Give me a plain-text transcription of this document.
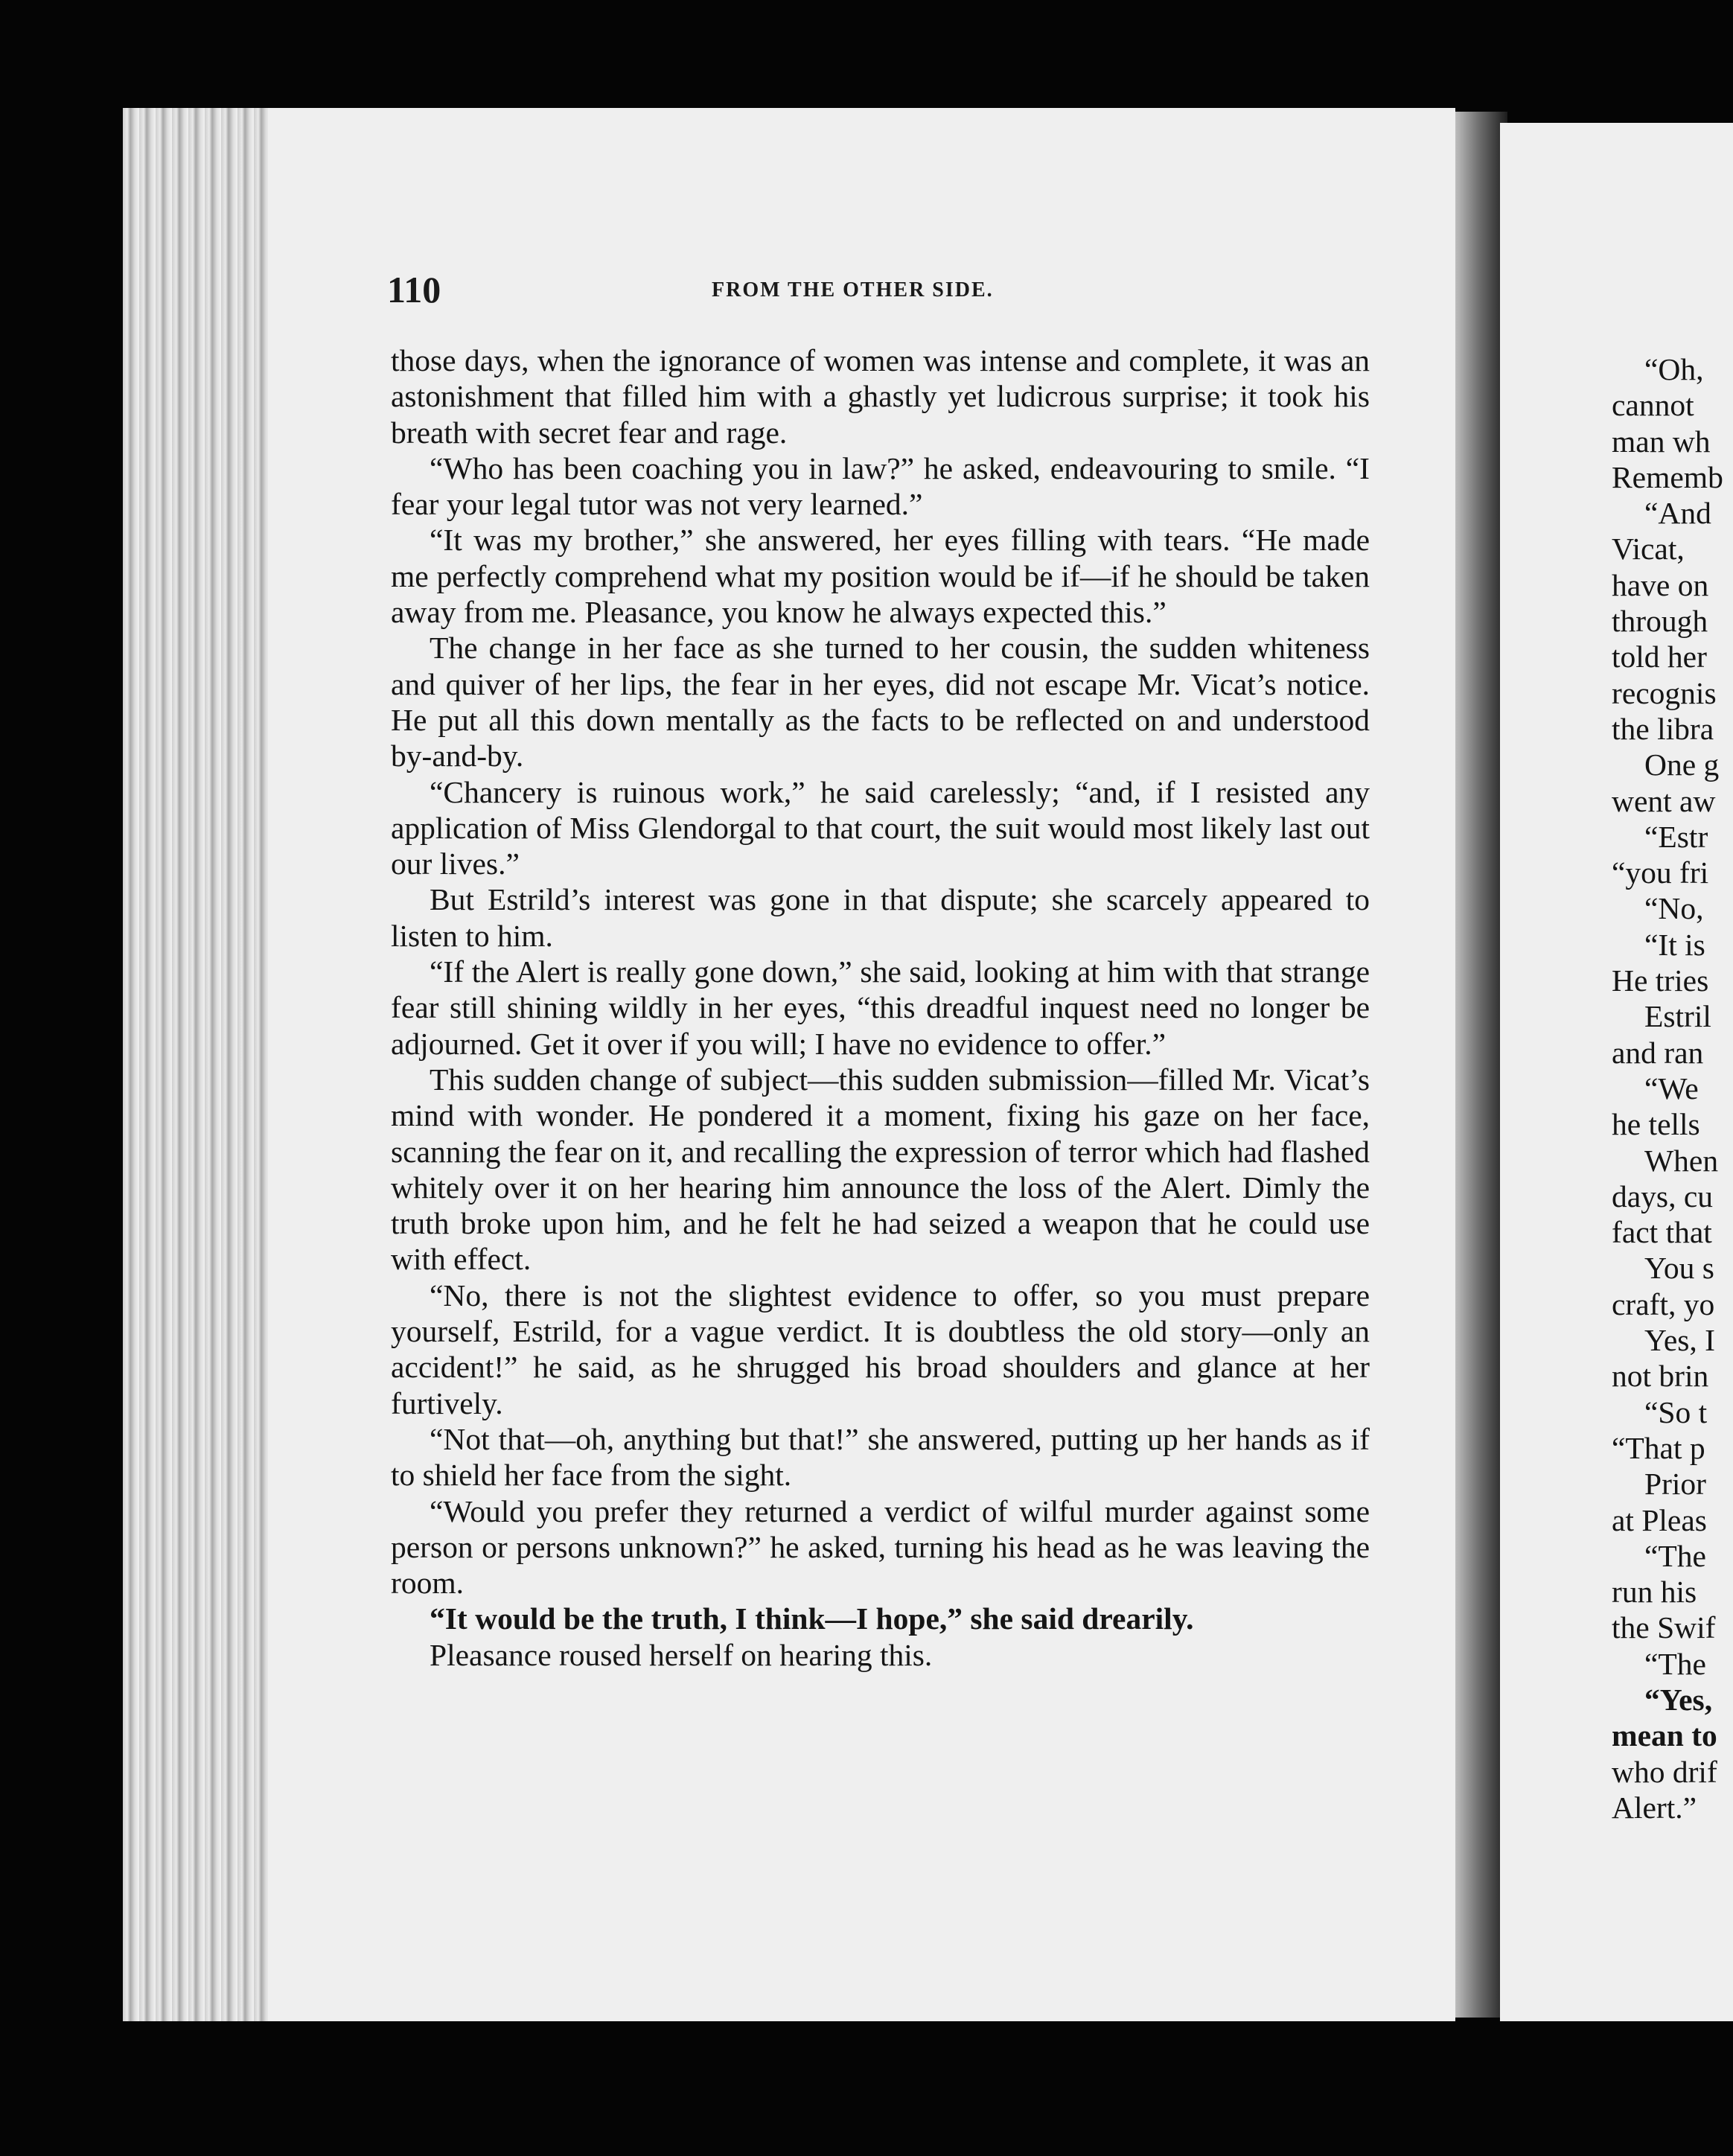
110	FROM THE OTHER SIDE.

those days, when the ignorance of women was intense and complete, it was an astonishment that filled him with a ghastly yet ludicrous surprise; it took his breath with secret fear and rage.

“Who has been coaching you in law?” he asked, endeavouring to smile. “I fear your legal tutor was not very learned.”

“It was my brother,” she answered, her eyes filling with tears. “He made me perfectly comprehend what my position would be if—if he should be taken away from me. Pleasance, you know he always expected this.”

The change in her face as she turned to her cousin, the sudden whiteness and quiver of her lips, the fear in her eyes, did not escape Mr. Vicat’s notice. He put all this down mentally as the facts to be reflected on and understood by-and-by.

“Chancery is ruinous work,” he said carelessly; “and, if I resisted any application of Miss Glendorgal to that court, the suit would most likely last out our lives.”

But Estrild’s interest was gone in that dispute; she scarcely appeared to listen to him.

“If the Alert is really gone down,” she said, looking at him with that strange fear still shining wildly in her eyes, “this dreadful inquest need no longer be adjourned. Get it over if you will; I have no evidence to offer.”

This sudden change of subject—this sudden submission—filled Mr. Vicat’s mind with wonder. He pondered it a moment, fixing his gaze on her face, scanning the fear on it, and recalling the expression of terror which had flashed whitely over it on her hearing him announce the loss of the Alert. Dimly the truth broke upon him, and he felt he had seized a weapon that he could use with effect.

“No, there is not the slightest evidence to offer, so you must prepare yourself, Estrild, for a vague verdict. It is doubtless the old story—only an accident!” he said, as he shrugged his broad shoulders and glance at her furtively.

“Not that—oh, anything but that!” she answered, putting up her hands as if to shield her face from the sight.

“Would you prefer they returned a verdict of wilful murder against some person or persons unknown?” he asked, turning his head as he was leaving the room.

“It would be the truth, I think—I hope,” she said drearily.

Pleasance roused herself on hearing this.

“Oh,
cannot
man wh
Rememb
“And
Vicat,
have on
through
told her
recognis
the libra
One g
went aw
“Estr
“you fri
“No,
“It is
He tries
Estril
and ran
“We
he tells
When
days, cu
fact that
You s
craft, yo
Yes, I
not brin
“So t
“That p
Prior
at Pleas
“The
run his
the Swif
“The
“Yes,
mean to
who drif
Alert.”
